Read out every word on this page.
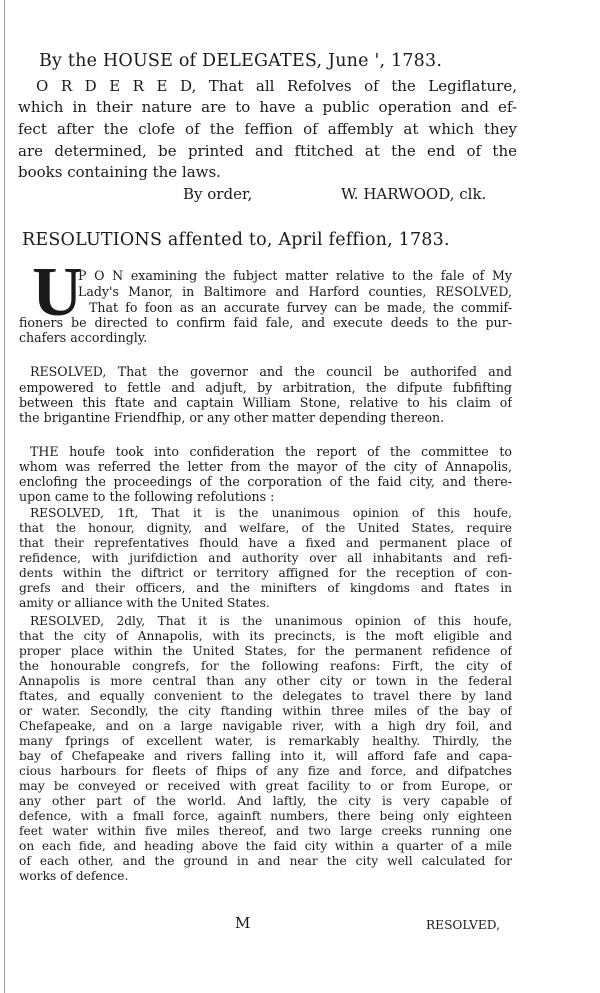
By the HOUSE of DELEGATES, June ', 1783.
O R D E R E D, That all Refolves of the Legiflature,
which in their nature are to have a public operation and ef-
fect after the clofe of the feffion of affembly at which they
are determined, be printed and ftitched at the end of the
books containing the laws.
By order,	W. HARWOOD, clk.
RESOLUTIONS affented to, April feffion, 1783.
U
P O N examining the fubject matter relative to the fale of My
Lady's Manor, in Baltimore and Harford counties, RESOLVED,
That fo foon as an accurate furvey can be made, the commif-
fioners be directed to confirm faid fale, and execute deeds to the pur-
chafers accordingly.
RESOLVED, That the governor and the council be authorifed and
empowered to fettle and adjuft, by arbitration, the difpute fubfifting
between this ftate and captain William Stone, relative to his claim of
the brigantine Friendfhip, or any other matter depending thereon.
THE houfe took into confideration the report of the committee to
whom was referred the letter from the mayor of the city of Annapolis,
enclofing the proceedings of the corporation of the faid city, and there-
upon came to the following refolutions :
RESOLVED, 1ft, That it is the unanimous opinion of this houfe,
that the honour, dignity, and welfare, of the United States, require
that their reprefentatives fhould have a fixed and permanent place of
refidence, with jurifdiction and authority over all inhabitants and refi-
dents within the diftrict or territory affigned for the reception of con-
grefs and their officers, and the minifters of kingdoms and ftates in
amity or alliance with the United States.
RESOLVED, 2dly, That it is the unanimous opinion of this houfe,
that the city of Annapolis, with its precincts, is the moft eligible and
proper place within the United States, for the permanent refidence of
the honourable congrefs, for the following reafons: Firft, the city of
Annapolis is more central than any other city or town in the federal
ftates, and equally convenient to the delegates to travel there by land
or water. Secondly, the city ftanding within three miles of the bay of
Chefapeake, and on a large navigable river, with a high dry foil, and
many fprings of excellent water, is remarkably healthy. Thirdly, the
bay of Chefapeake and rivers falling into it, will afford fafe and capa-
cious harbours for fleets of fhips of any fize and force, and difpatches
may be conveyed or received with great facility to or from Europe, or
any other part of the world. And laftly, the city is very capable of
defence, with a fmall force, againft numbers, there being only eighteen
feet water within five miles thereof, and two large creeks running one
on each fide, and heading above the faid city within a quarter of a mile
of each other, and the ground in and near the city well calculated for
works of defence.
M	RESOLVED,
